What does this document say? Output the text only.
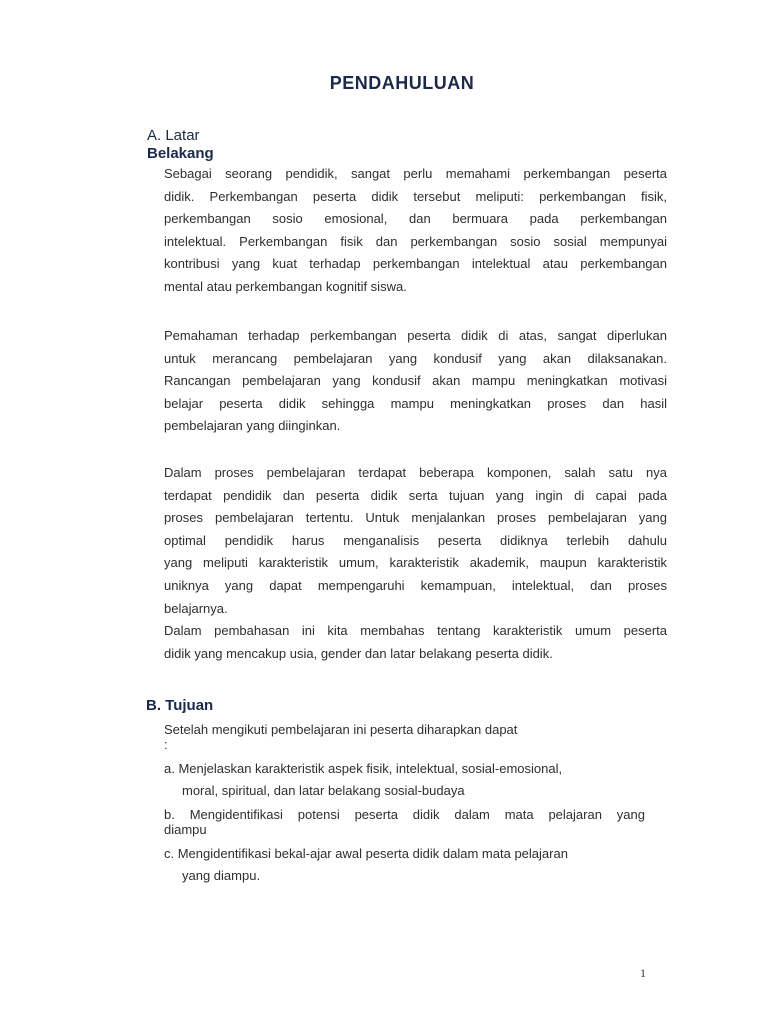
PENDAHULUAN
A. Latar
Belakang
Sebagai seorang pendidik, sangat perlu memahami perkembangan peserta
didik. Perkembangan peserta didik tersebut meliputi: perkembangan fisik,
perkembangan sosio emosional, dan bermuara pada perkembangan
intelektual. Perkembangan fisik dan perkembangan sosio sosial mempunyai
kontribusi yang kuat terhadap perkembangan intelektual atau perkembangan
mental atau perkembangan kognitif siswa.
Pemahaman terhadap perkembangan peserta didik di atas, sangat diperlukan
untuk merancang pembelajaran yang kondusif yang akan dilaksanakan.
Rancangan pembelajaran yang kondusif akan mampu meningkatkan motivasi
belajar peserta didik sehingga mampu meningkatkan proses dan hasil
pembelajaran yang diinginkan.
Dalam proses pembelajaran terdapat beberapa komponen, salah satu nya
terdapat pendidik dan peserta didik serta tujuan yang ingin di capai pada
proses pembelajaran tertentu. Untuk menjalankan proses pembelajaran yang
optimal pendidik harus menganalisis peserta didiknya terlebih dahulu
yang meliputi karakteristik umum, karakteristik akademik, maupun karakteristik
uniknya yang dapat mempengaruhi kemampuan, intelektual, dan proses
belajarnya.
Dalam pembahasan ini kita membahas tentang karakteristik umum peserta
didik yang mencakup usia, gender dan latar belakang peserta didik.
B. Tujuan
Setelah mengikuti pembelajaran ini peserta diharapkan dapat
:
a. Menjelaskan karakteristik aspek fisik, intelektual, sosial-emosional,
moral, spiritual, dan latar belakang sosial-budaya
b. Mengidentifikasi potensi peserta didik dalam mata pelajaran yang
diampu
c. Mengidentifikasi bekal-ajar awal peserta didik dalam mata pelajaran
yang diampu.
1
